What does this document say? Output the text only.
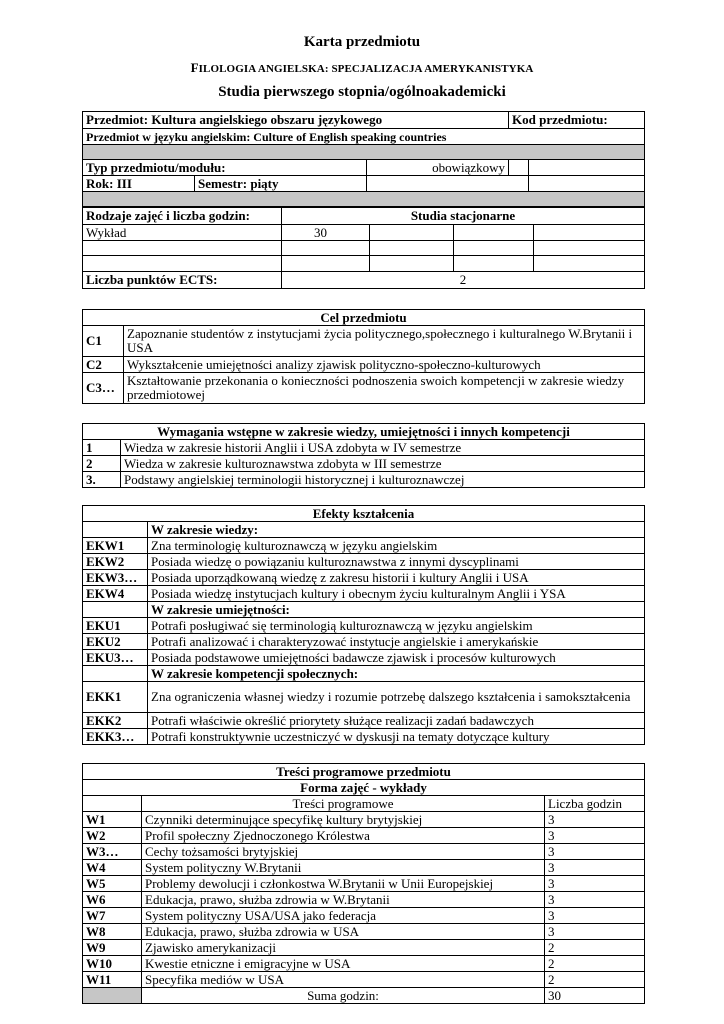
Karta przedmiotu
FILOLOGIA ANGIELSKA: SPECJALIZACJA AMERYKANISTYKA
Studia pierwszego stopnia/ogólnoakademicki
Przedmiot: Kultura angielskiego obszaru językowego			Kod przedmiotu:	
Przedmiot w języku angielskim: Culture of English speaking countries				

Typ przedmiotu/modułu:		obowiązkowy		
Rok: III	Semestr: piąty			

Rodzaje zajęć i liczba godzin:	Studia stacjonarne			
Wykład	30			

Liczba punktów ECTS:	2			
Cel przedmiotu	
C1	Zapoznanie studentów z instytucjami życia politycznego,społecznego i kulturalnego W.Brytanii i USA
C2	Wykształcenie umiejętności analizy zjawisk polityczno-społeczno-kulturowych
C3…	Kształtowanie przekonania o konieczności podnoszenia swoich kompetencji w zakresie wiedzy przedmiotowej
Wymagania wstępne w zakresie wiedzy, umiejętności i innych kompetencji	
1	Wiedza w zakresie historii Anglii i USA zdobyta w IV semestrze
2	Wiedza w zakresie kulturoznawstwa zdobyta w III semestrze
3.	Podstawy angielskiej terminologii historycznej i kulturoznawczej
Efekty kształcenia	
	W zakresie wiedzy:
EKW1	Zna terminologię kulturoznawczą w języku angielskim
EKW2	Posiada wiedzę o powiązaniu kulturoznawstwa z innymi dyscyplinami
EKW3…	Posiada uporządkowaną wiedzę z zakresu historii i kultury Anglii i USA
EKW4	Posiada wiedzę instytucjach kultury i obecnym życiu kulturalnym Anglii i YSA
	W zakresie umiejętności:
EKU1	Potrafi posługiwać się terminologią kulturoznawczą w języku angielskim
EKU2	Potrafi analizować i charakteryzować instytucje angielskie i amerykańskie
EKU3…	Posiada podstawowe umiejętności badawcze zjawisk i procesów kulturowych
	W zakresie kompetencji społecznych:
EKK1	Zna ograniczenia własnej wiedzy i rozumie potrzebę dalszego kształcenia i samokształcenia
EKK2	Potrafi właściwie określić priorytety służące realizacji zadań badawczych
EKK3…	Potrafi konstruktywnie uczestniczyć w dyskusji na tematy dotyczące kultury
Treści programowe przedmiotu		
Forma zajęć - wykłady		
	Treści programowe	Liczba godzin
W1	Czynniki determinujące specyfikę kultury brytyjskiej	3
W2	Profil społeczny Zjednoczonego Królestwa	3
W3…	Cechy tożsamości brytyjskiej	3
W4	System polityczny W.Brytanii	3
W5	Problemy dewolucji i członkostwa W.Brytanii w Unii Europejskiej	3
W6	Edukacja, prawo, służba zdrowia w W.Brytanii	3
W7	System polityczny USA/USA jako federacja	3
W8	Edukacja, prawo, służba zdrowia w USA	3
W9	Zjawisko amerykanizacji	2
W10	Kwestie etniczne i emigracyjne w USA	2
W11	Specyfika mediów w USA	2
	Suma godzin:	30
